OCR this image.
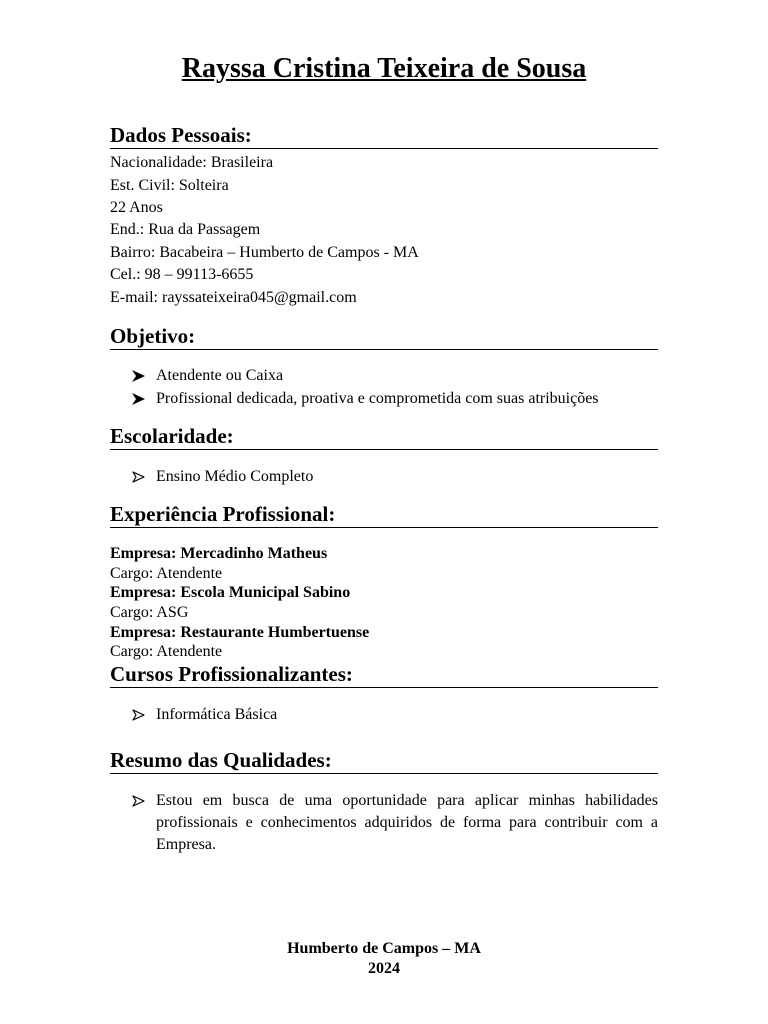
Rayssa Cristina Teixeira de Sousa
Dados Pessoais:
Nacionalidade: Brasileira
Est. Civil: Solteira
22 Anos
End.: Rua da Passagem
Bairro: Bacabeira – Humberto de Campos - MA
Cel.: 98 – 99113-6655
E-mail: rayssateixeira045@gmail.com
Objetivo:
Atendente ou Caixa
Profissional dedicada, proativa e comprometida com suas atribuições
Escolaridade:
Ensino Médio Completo
Experiência Profissional:
Empresa: Mercadinho Matheus
Cargo: Atendente
Empresa: Escola Municipal Sabino
Cargo: ASG
Empresa: Restaurante Humbertuense
Cargo: Atendente
Cursos Profissionalizantes:
Informática Básica
Resumo das Qualidades:
Estou em busca de uma oportunidade para aplicar minhas habilidades profissionais e conhecimentos adquiridos de forma para contribuir com a Empresa.
Humberto de Campos – MA
2024
